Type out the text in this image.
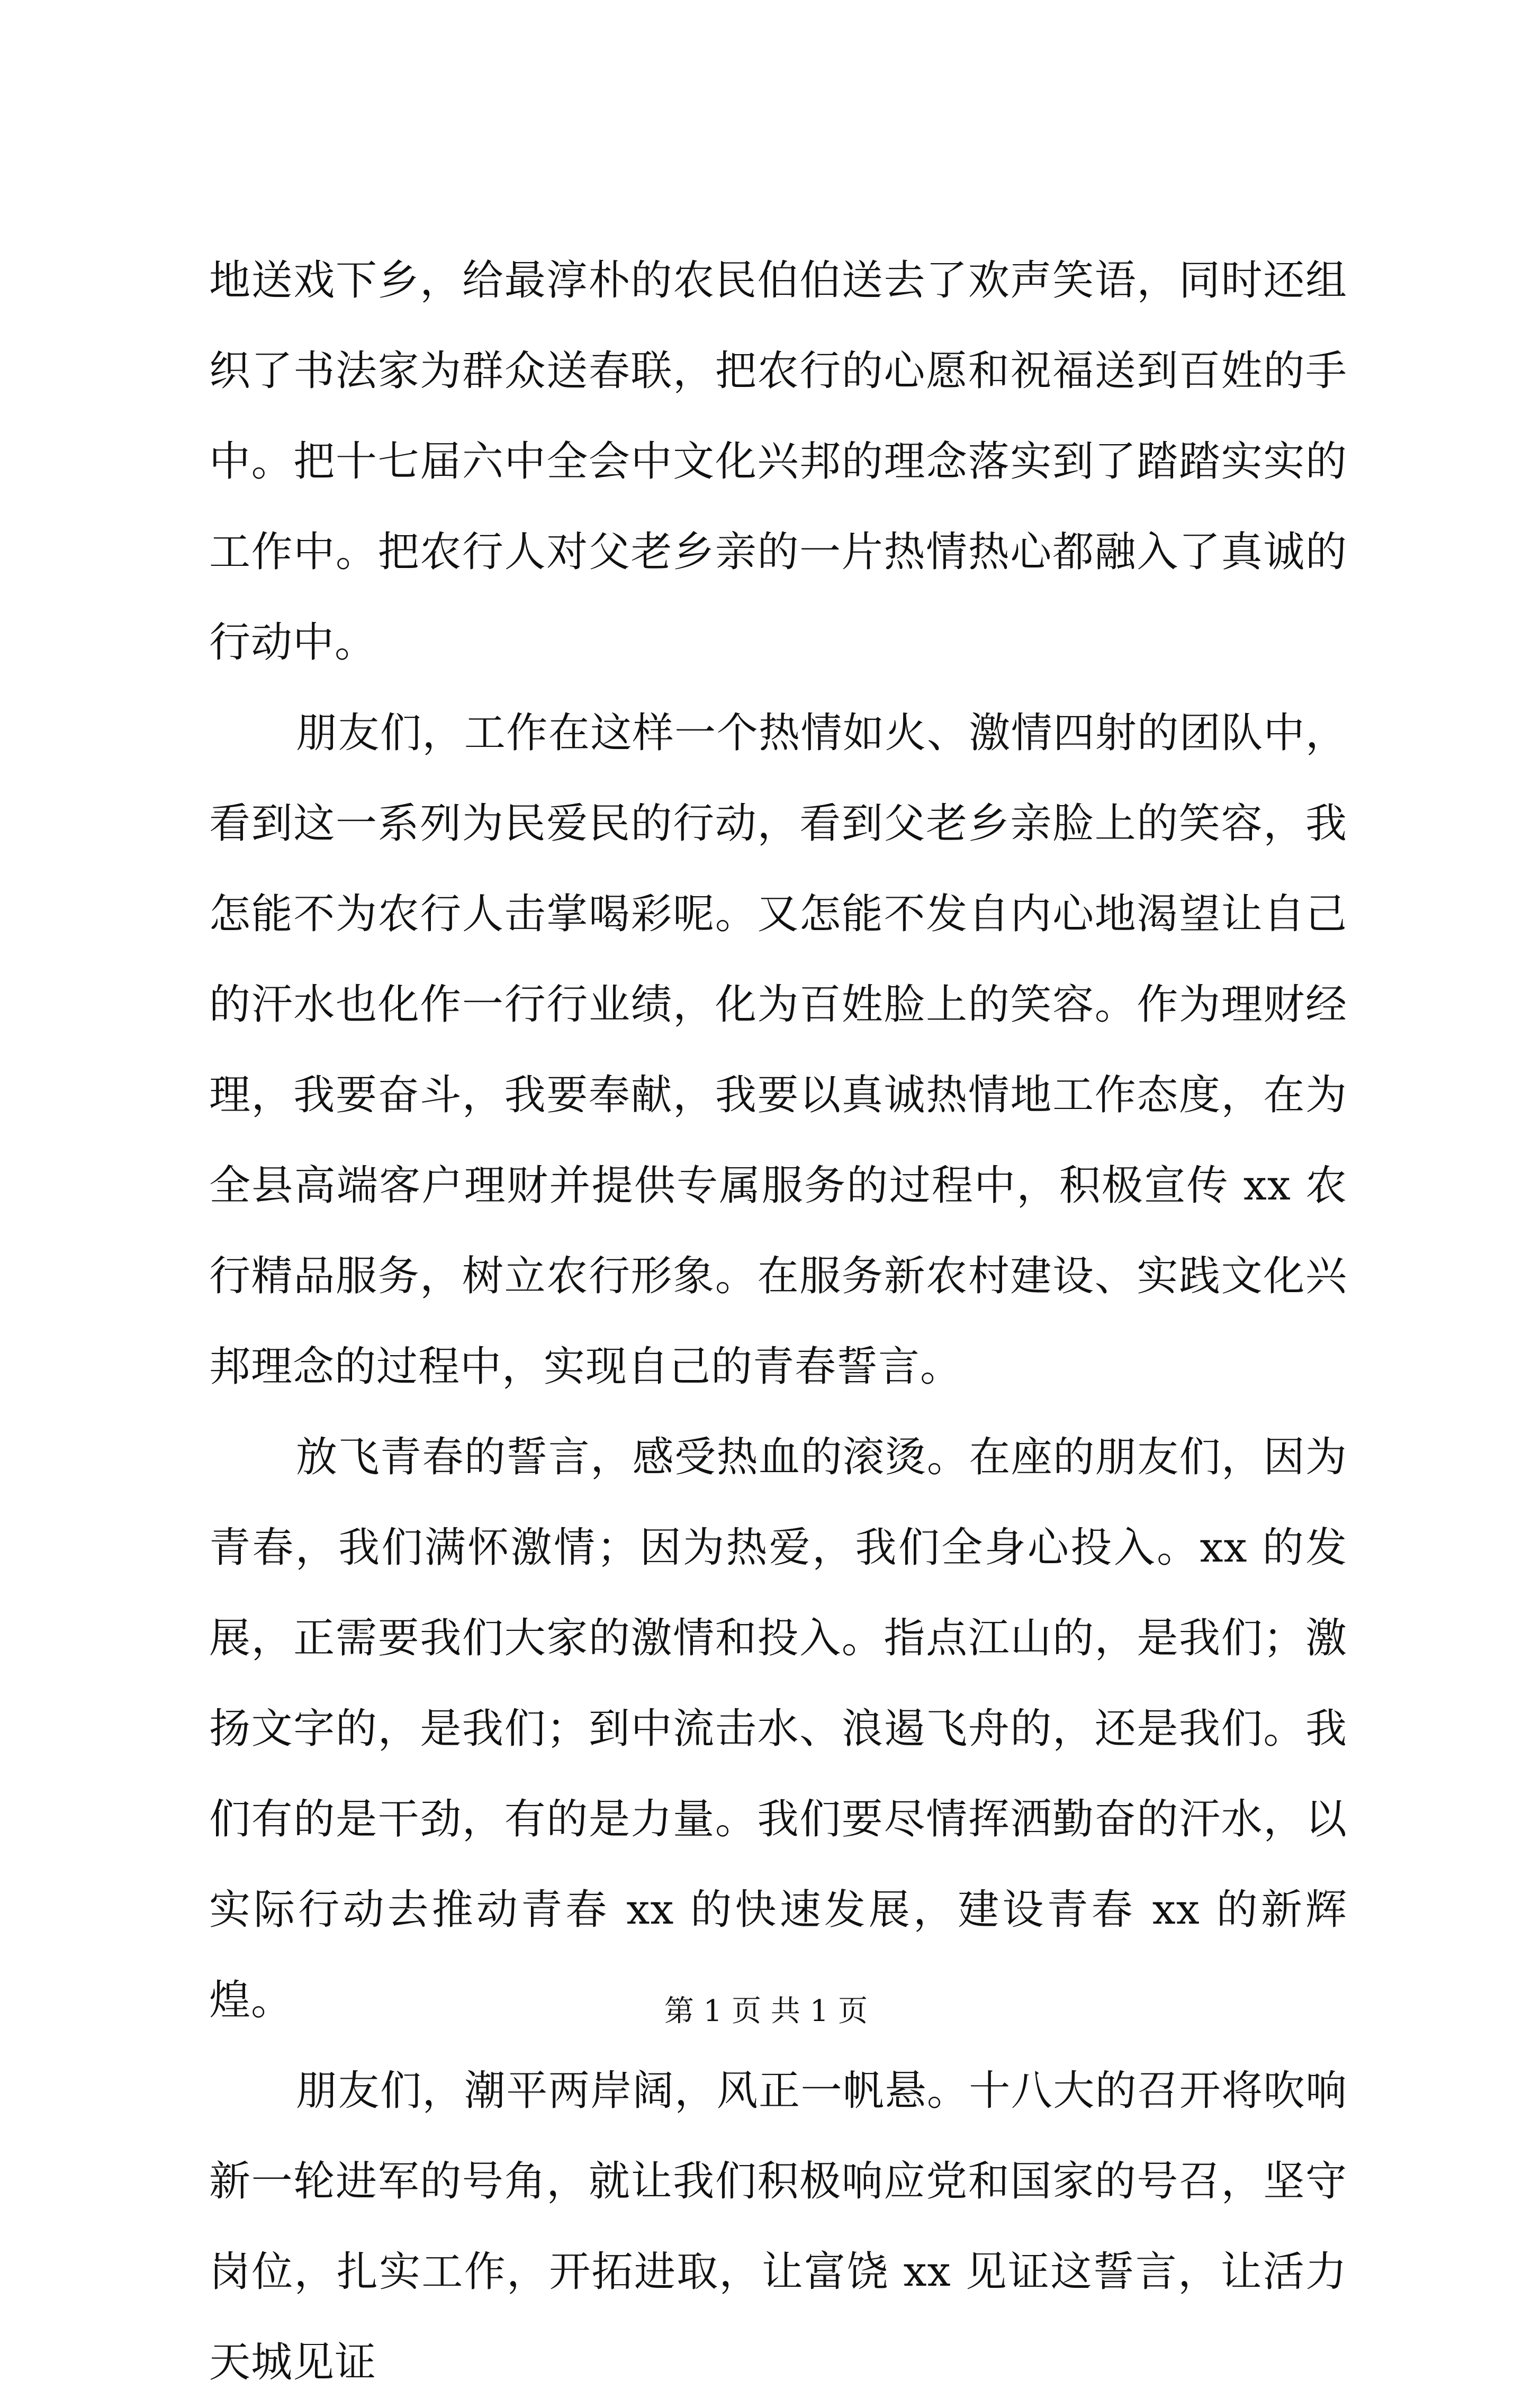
地送戏下乡，给最淳朴的农民伯伯送去了欢声笑语，同时还组织了书法家为群众送春联，把农行的心愿和祝福送到百姓的手中。把十七届六中全会中文化兴邦的理念落实到了踏踏实实的工作中。把农行人对父老乡亲的一片热情热心都融入了真诚的行动中。

朋友们，工作在这样一个热情如火、激情四射的团队中，看到这一系列为民爱民的行动，看到父老乡亲脸上的笑容，我怎能不为农行人击掌喝彩呢。又怎能不发自内心地渴望让自己的汗水也化作一行行业绩，化为百姓脸上的笑容。作为理财经理，我要奋斗，我要奉献，我要以真诚热情地工作态度，在为全县高端客户理财并提供专属服务的过程中，积极宣传 xx 农行精品服务，树立农行形象。在服务新农村建设、实践文化兴邦理念的过程中，实现自己的青春誓言。

放飞青春的誓言，感受热血的滚烫。在座的朋友们，因为青春，我们满怀激情；因为热爱，我们全身心投入。xx 的发展，正需要我们大家的激情和投入。指点江山的，是我们；激扬文字的，是我们；到中流击水、浪遏飞舟的，还是我们。我们有的是干劲，有的是力量。我们要尽情挥洒勤奋的汗水，以实际行动去推动青春 xx 的快速发展，建设青春 xx 的新辉煌。

朋友们，潮平两岸阔，风正一帆悬。十八大的召开将吹响新一轮进军的号角，就让我们积极响应党和国家的号召，坚守岗位，扎实工作，开拓进取，让富饶 xx 见证这誓言，让活力天城见证

第 1 页 共 1 页
